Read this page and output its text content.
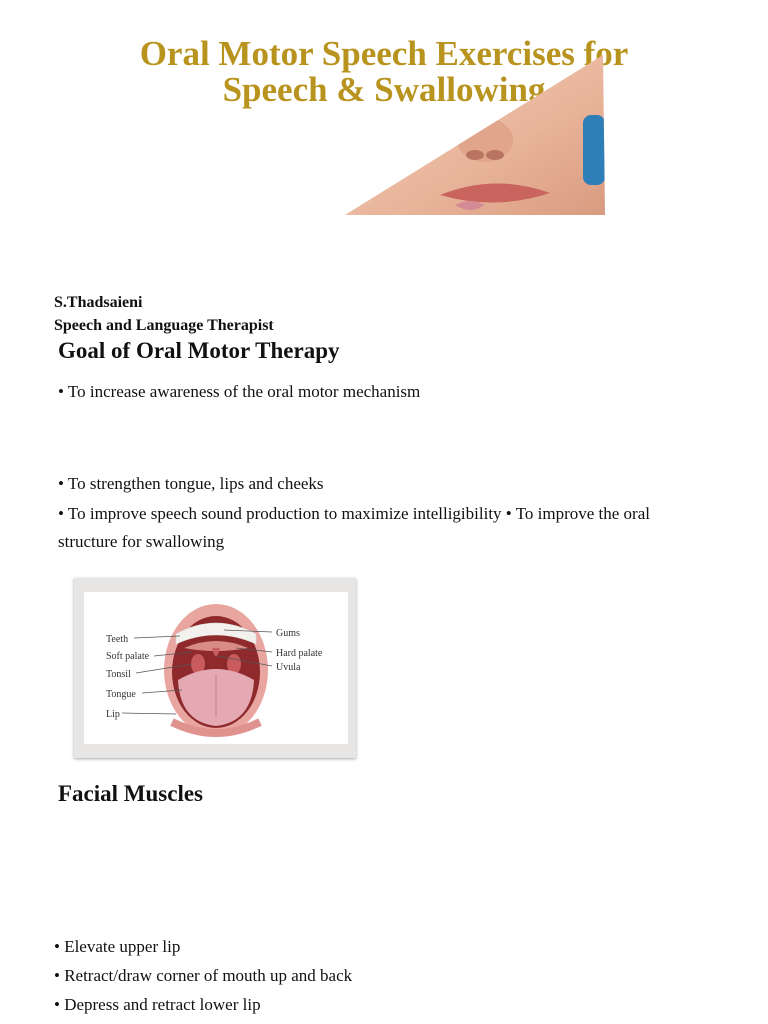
Oral Motor Speech Exercises for
Speech & Swallowing
S.Thadsaieni
Speech and Language Therapist
Goal of Oral Motor Therapy
• To increase awareness of the oral motor mechanism
• To strengthen tongue, lips and cheeks
• To improve speech sound production to maximize intelligibility • To improve the oral structure for swallowing
Teeth
Soft palate
Tonsil
Tongue
Lip
Gums
Hard palate
Uvula
Facial Muscles
• Elevate upper lip
• Retract/draw corner of mouth up and back
• Depress and retract lower lip
